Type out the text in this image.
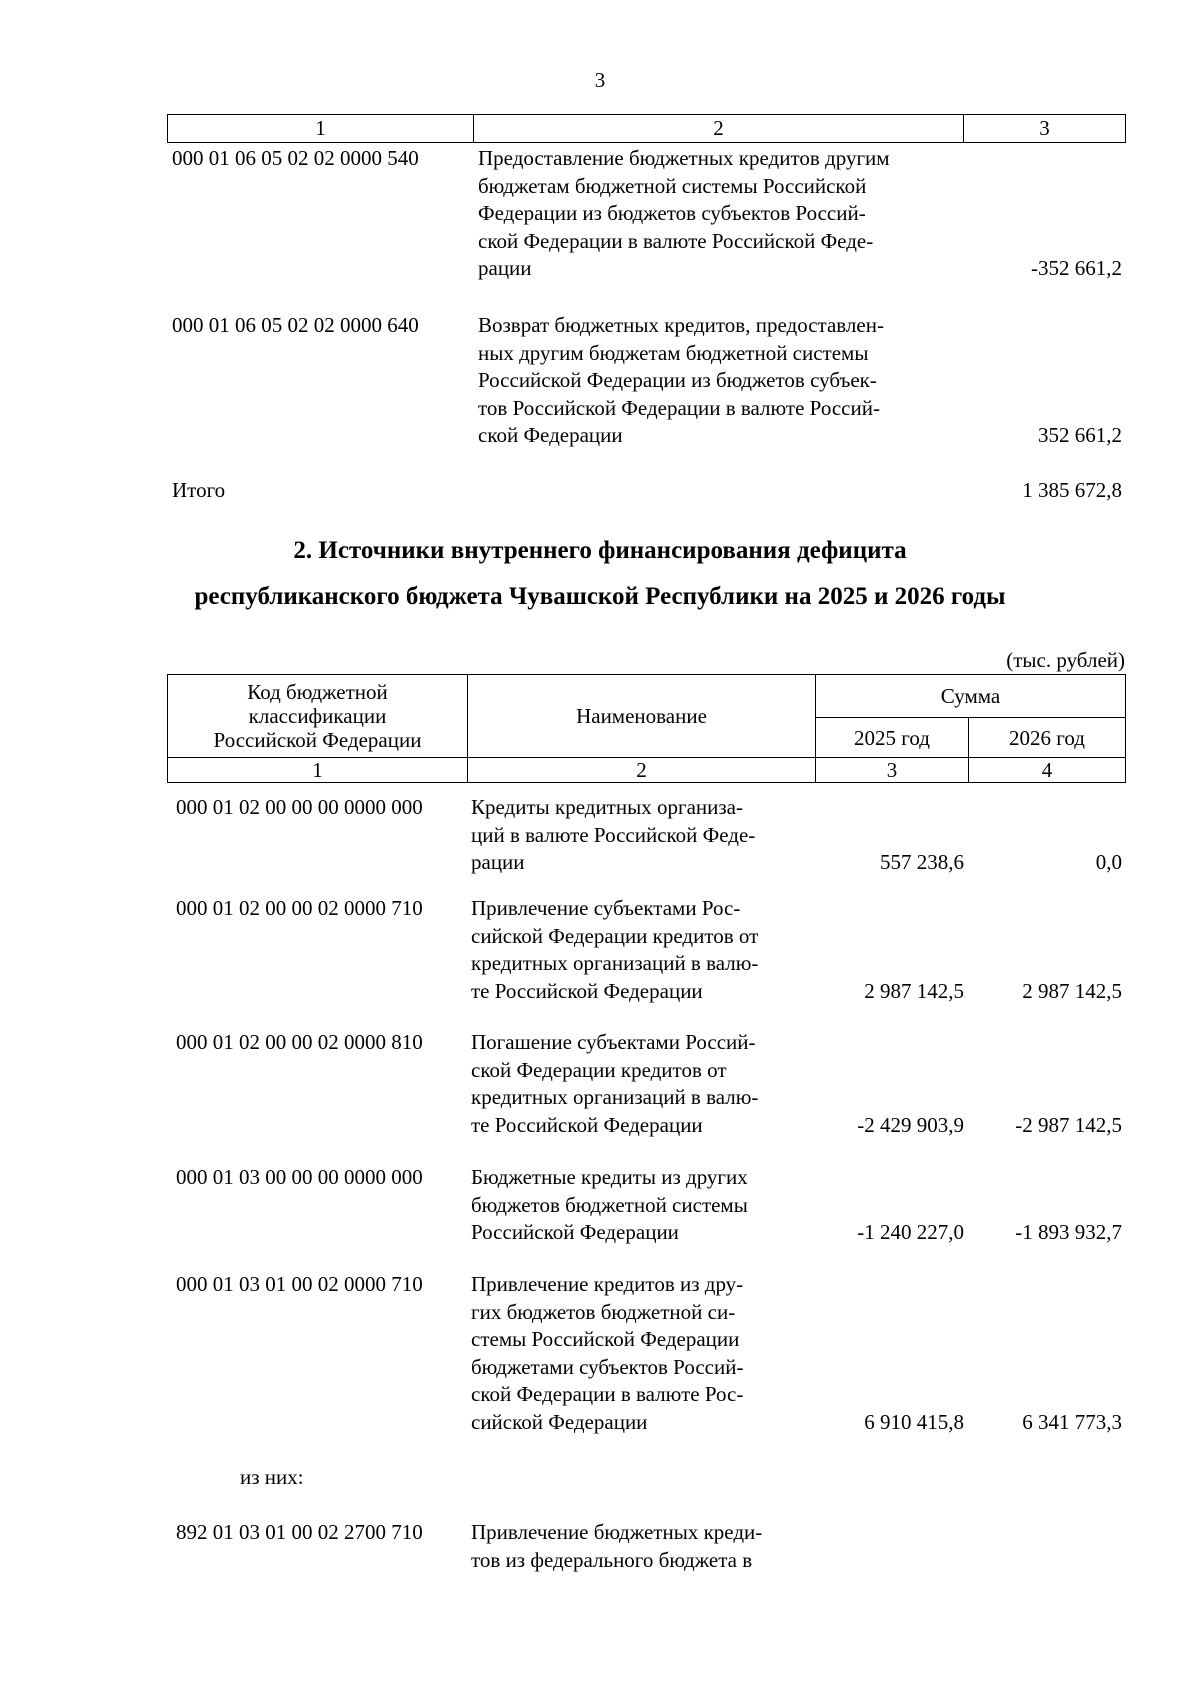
3
1	2	3
000 01 06 05 02 02 0000 540	Предоставление бюджетных кредитов другим
бюджетам бюджетной системы Российской
Федерации из бюджетов субъектов Россий-
ской Федерации в валюте Российской Феде-
рации	-352 661,2
000 01 06 05 02 02 0000 640	Возврат бюджетных кредитов, предоставлен-
ных другим бюджетам бюджетной системы
Российской Федерации из бюджетов субъек-
тов Российской Федерации в валюте Россий-
ской Федерации	352 661,2
Итого	1 385 672,8
2. Источники внутреннего финансирования дефицита
республиканского бюджета Чувашской Республики на 2025 и 2026 годы
(тыс. рублей)
Код бюджетной
классификации
Российской Федерации	Наименование	Сумма	
		2025 год	2026 год
1	2	3	4
000 01 02 00 00 00 0000 000 Кредиты кредитных организа-
ций в валюте Российской Феде-
рации	557 238,6	0,0
000 01 02 00 00 02 0000 710 Привлечение субъектами Рос-
сийской Федерации кредитов от
кредитных организаций в валю-
те Российской Федерации	2 987 142,5	2 987 142,5
000 01 02 00 00 02 0000 810 Погашение субъектами Россий-
ской Федерации кредитов от
кредитных организаций в валю-
те Российской Федерации	-2 429 903,9	-2 987 142,5
000 01 03 00 00 00 0000 000 Бюджетные кредиты из других
бюджетов бюджетной системы
Российской Федерации	-1 240 227,0	-1 893 932,7
000 01 03 01 00 02 0000 710 Привлечение кредитов из дру-
гих бюджетов бюджетной си-
стемы Российской Федерации
бюджетами субъектов Россий-
ской Федерации в валюте Рос-
сийской Федерации	6 910 415,8	6 341 773,3
из них:
892 01 03 01 00 02 2700 710 Привлечение бюджетных креди-
тов из федерального бюджета в
